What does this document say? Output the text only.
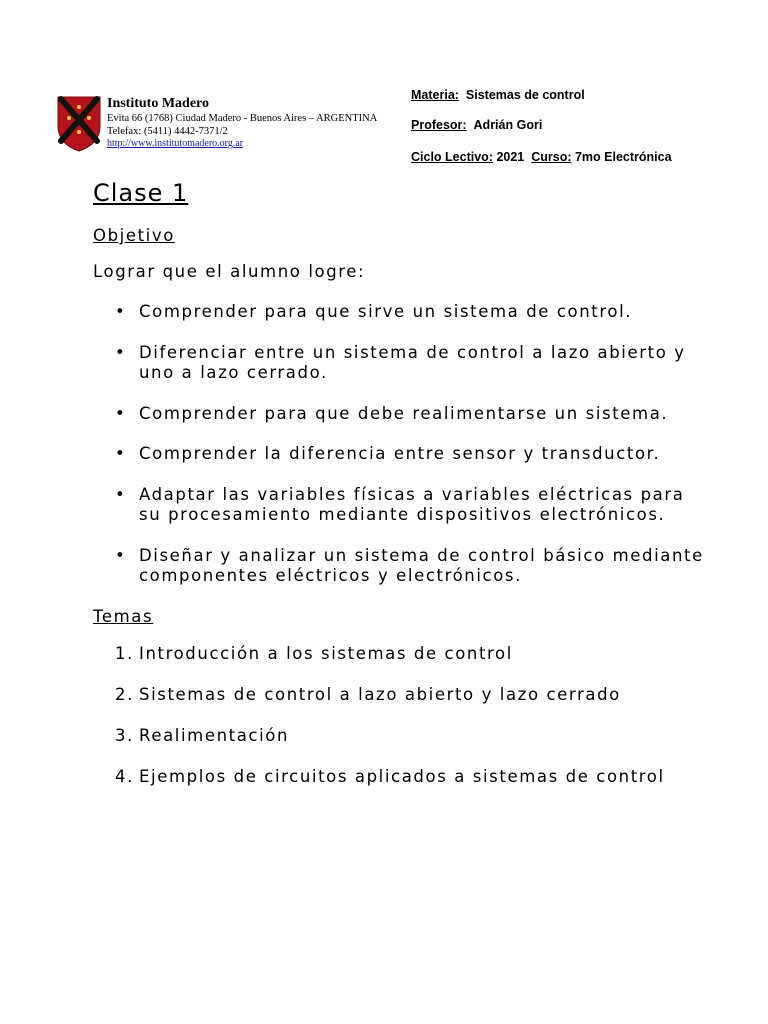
Instituto Madero
Evita 66 (1768) Ciudad Madero - Buenos Aires – ARGENTINA
Telefax: (5411) 4442-7371/2
http://www.institutomadero.org.ar
Materia: Sistemas de control
Profesor: Adrián Gori
Ciclo Lectivo: 2021 Curso: 7mo Electrónica
Clase 1
Objetivo
Lograr que el alumno logre:
• Comprender para que sirve un sistema de control.
• Diferenciar entre un sistema de control a lazo abierto y uno a lazo cerrado.
• Comprender para que debe realimentarse un sistema.
• Comprender la diferencia entre sensor y transductor.
• Adaptar las variables físicas a variables eléctricas para su procesamiento mediante dispositivos electrónicos.
• Diseñar y analizar un sistema de control básico mediante componentes eléctricos y electrónicos.
Temas
1. Introducción a los sistemas de control
2. Sistemas de control a lazo abierto y lazo cerrado
3. Realimentación
4. Ejemplos de circuitos aplicados a sistemas de control
